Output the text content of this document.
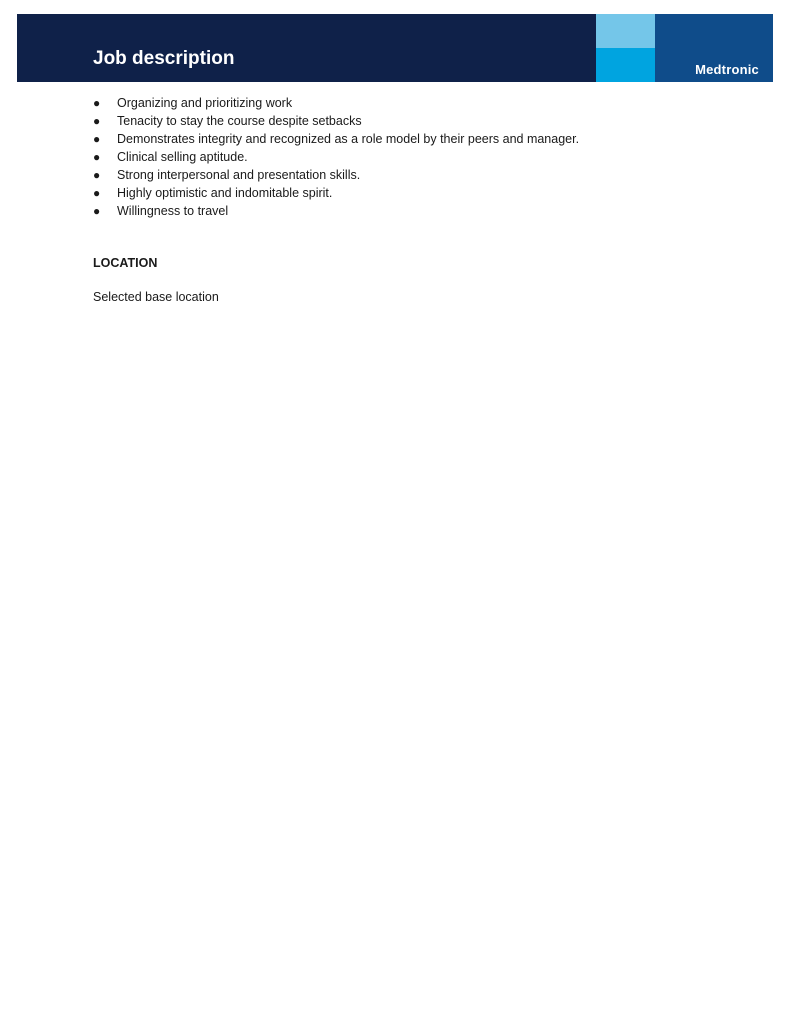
Job description
Medtronic
● Organizing and prioritizing work
● Tenacity to stay the course despite setbacks
● Demonstrates integrity and recognized as a role model by their peers and manager.
● Clinical selling aptitude.
● Strong interpersonal and presentation skills.
● Highly optimistic and indomitable spirit.
● Willingness to travel
LOCATION
Selected base location
